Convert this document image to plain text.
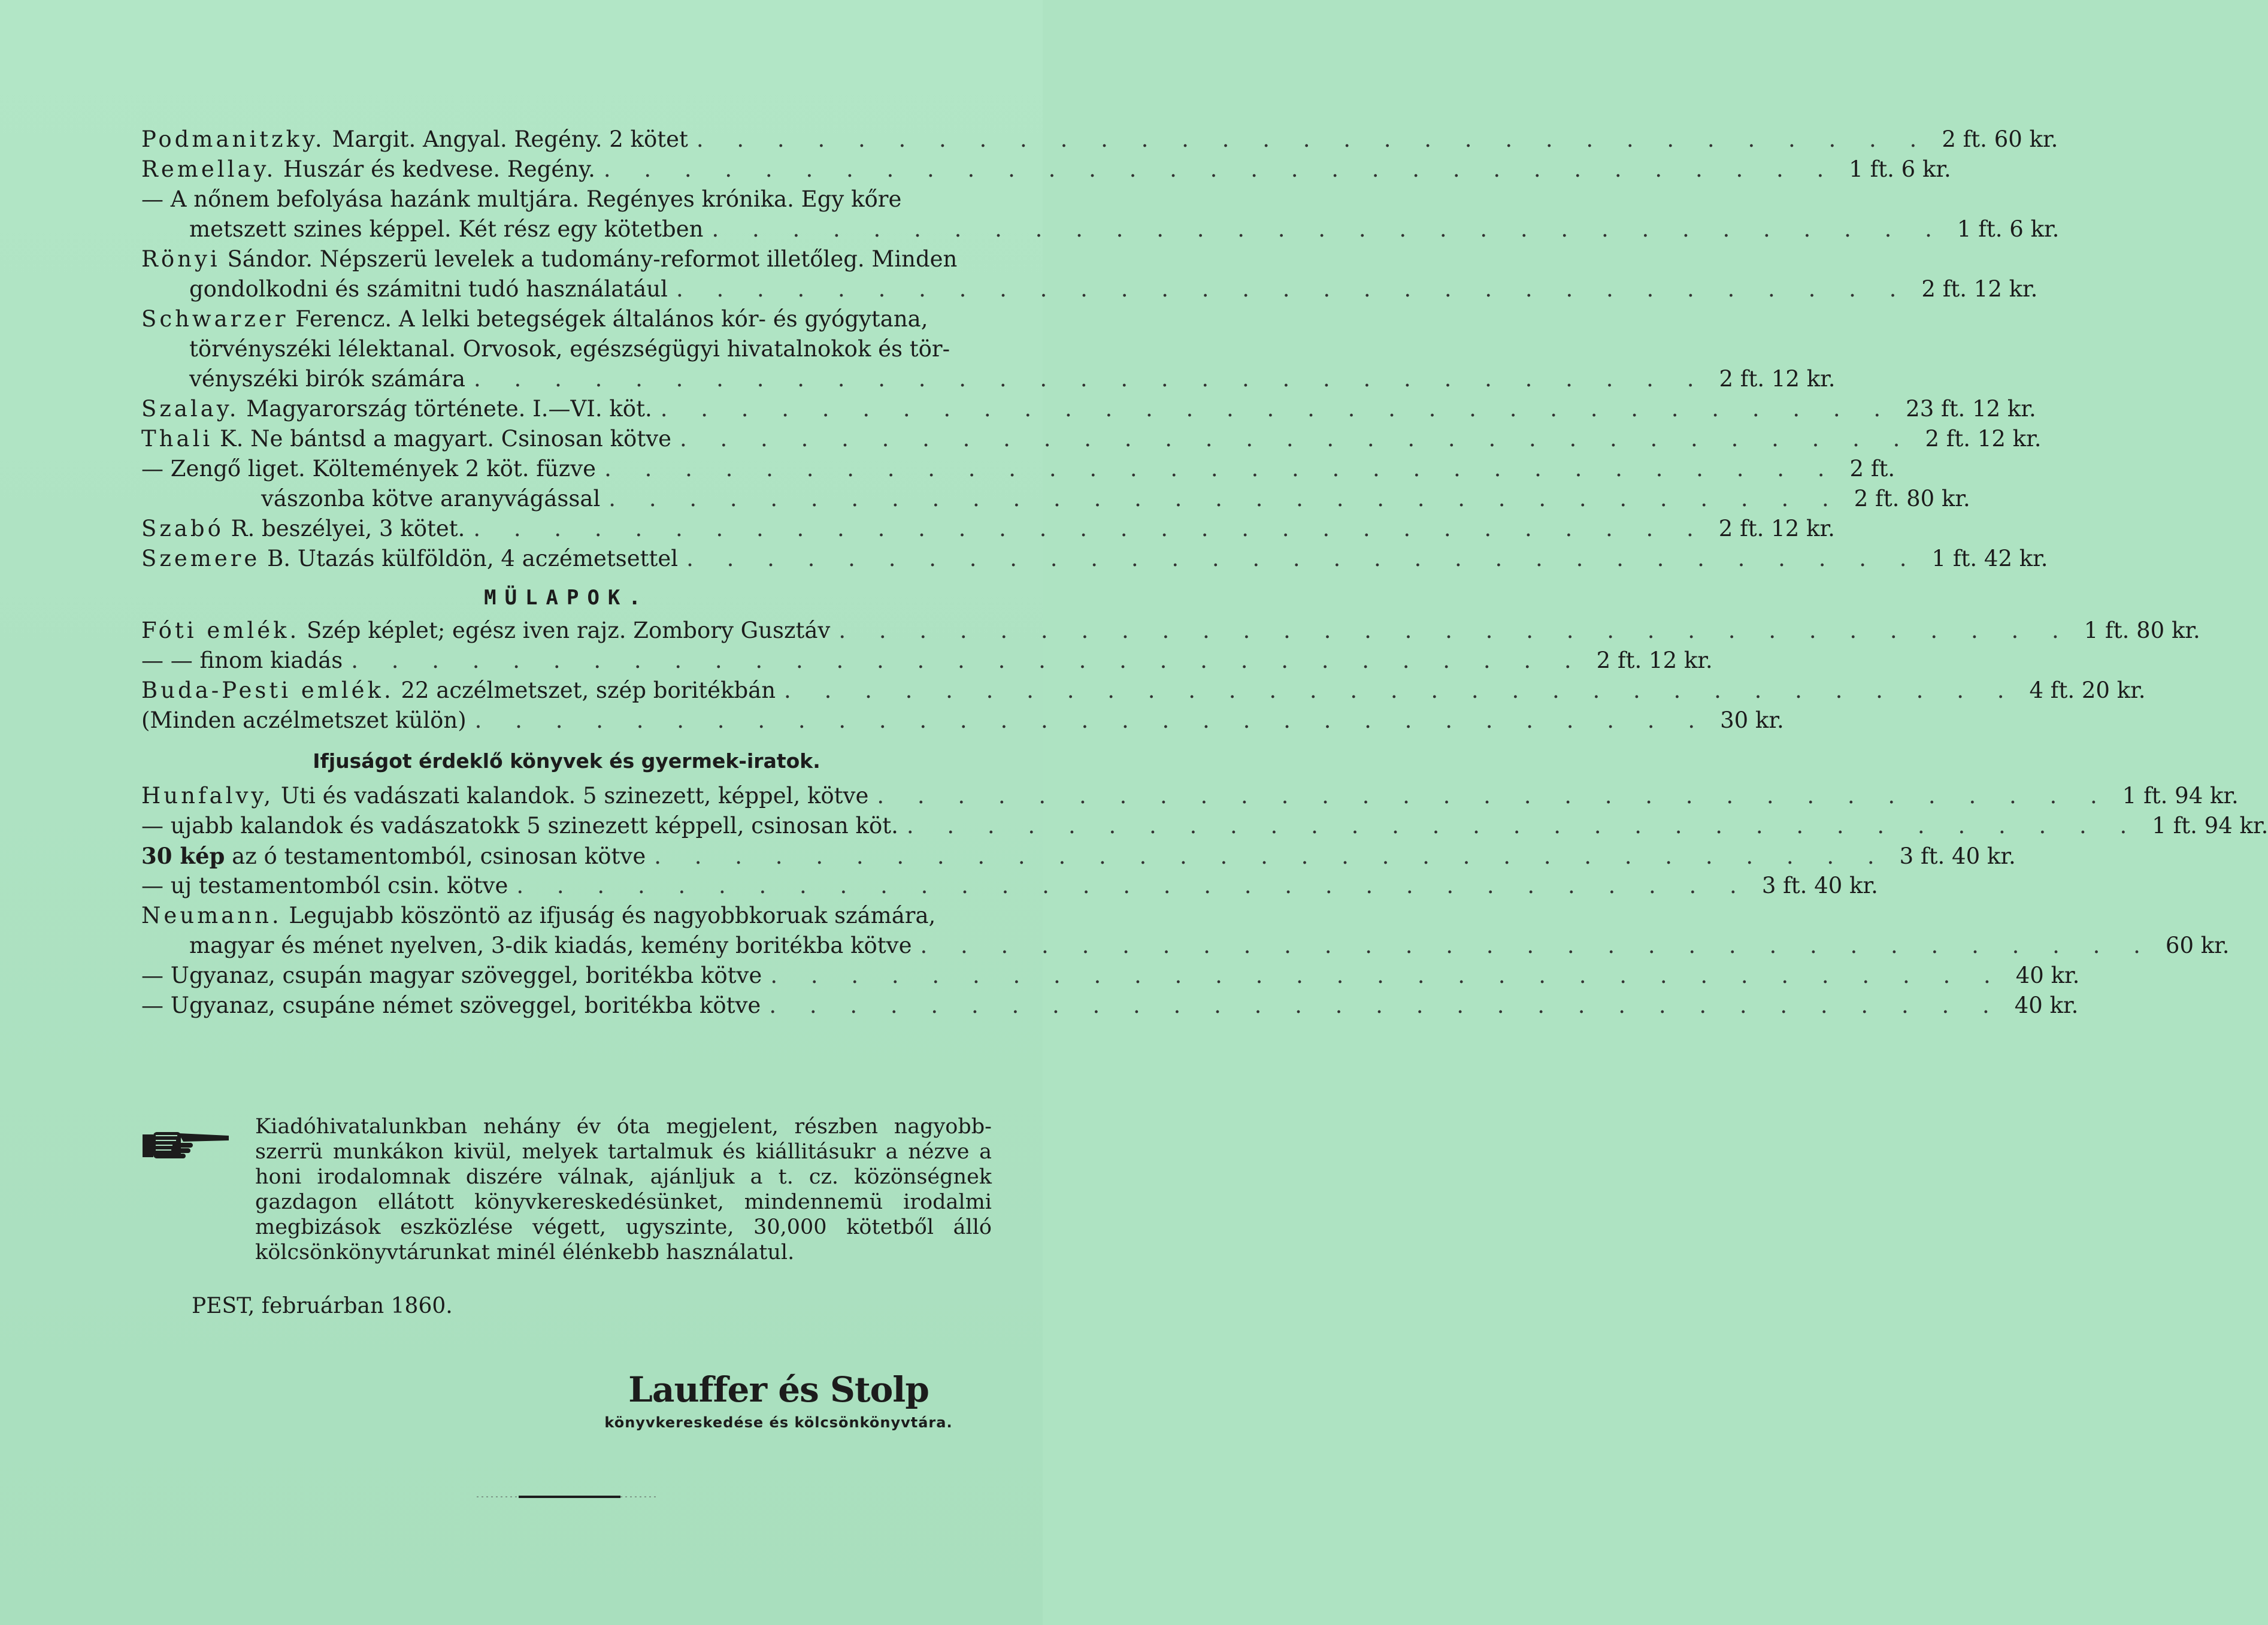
Podmanitzky. Margit. Angyal. Regény. 2 kötet . . . . . . . . . . . . . . . . . . . . . . . . . . . . . . . 2 ft. 60 kr.
Remellay. Huszár és kedvese. Regény. . . . . . . . . . . . . . . . . . . . . . . . . . . . . . . . 1 ft. 6 kr.
— A nőnem befolyása hazánk multjára. Regényes krónika. Egy kőre
metszett szines képpel. Két rész egy kötetben . . . . . . . . . . . . . . . . . . . . . . . . . . . . . . . 1 ft. 6 kr.
Rönyi Sándor. Népszerü levelek a tudomány-reformot illetőleg. Minden
gondolkodni és számitni tudó használatául . . . . . . . . . . . . . . . . . . . . . . . . . . . . . . . 2 ft. 12 kr.
Schwarzer Ferencz. A lelki betegségek általános kór- és gyógytana,
törvényszéki lélektanal. Orvosok, egészségügyi hivatalnokok és tör-
vényszéki birók számára . . . . . . . . . . . . . . . . . . . . . . . . . . . . . . . 2 ft. 12 kr.
Szalay. Magyarország története. I.—VI. köt. . . . . . . . . . . . . . . . . . . . . . . . . . . . . . . . 23 ft. 12 kr.
Thali K. Ne bántsd a magyart. Csinosan kötve . . . . . . . . . . . . . . . . . . . . . . . . . . . . . . . 2 ft. 12 kr.
— Zengő liget. Költemények 2 köt. füzve . . . . . . . . . . . . . . . . . . . . . . . . . . . . . . . 2 ft.
vászonba kötve aranyvágással . . . . . . . . . . . . . . . . . . . . . . . . . . . . . . . 2 ft. 80 kr.
Szabó R. beszélyei, 3 kötet. . . . . . . . . . . . . . . . . . . . . . . . . . . . . . . . 2 ft. 12 kr.
Szemere B. Utazás külföldön, 4 aczémetsettel . . . . . . . . . . . . . . . . . . . . . . . . . . . . . . . 1 ft. 42 kr.
MÜLAPOK.
Fóti emlék. Szép képlet; egész iven rajz. Zombory Gusztáv . . . . . . . . . . . . . . . . . . . . . . . . . . . . . . . 1 ft. 80 kr.
— — finom kiadás . . . . . . . . . . . . . . . . . . . . . . . . . . . . . . . 2 ft. 12 kr.
Buda-Pesti emlék. 22 aczélmetszet, szép boritékbán . . . . . . . . . . . . . . . . . . . . . . . . . . . . . . . 4 ft. 20 kr.
(Minden aczélmetszet külön) . . . . . . . . . . . . . . . . . . . . . . . . . . . . . . . 30 kr.
Ifjuságot érdeklő könyvek és gyermek-iratok.
Hunfalvy, Uti és vadászati kalandok. 5 szinezett, képpel, kötve . . . . . . . . . . . . . . . . . . . . . . . . . . . . . . . 1 ft. 94 kr.
— ujabb kalandok és vadászatokk 5 szinezett képpell, csinosan köt. . . . . . . . . . . . . . . . . . . . . . . . . . . . . . . . 1 ft. 94 kr.
30 kép az ó testamentomból, csinosan kötve . . . . . . . . . . . . . . . . . . . . . . . . . . . . . . . 3 ft. 40 kr.
— uj testamentomból csin. kötve . . . . . . . . . . . . . . . . . . . . . . . . . . . . . . . 3 ft. 40 kr.
Neumann. Legujabb köszöntö az ifjuság és nagyobbkoruak számára,
magyar és ménet nyelven, 3-dik kiadás, kemény boritékba kötve . . . . . . . . . . . . . . . . . . . . . . . . . . . . . . . 60 kr.
— Ugyanaz, csupán magyar szöveggel, boritékba kötve . . . . . . . . . . . . . . . . . . . . . . . . . . . . . . . 40 kr.
— Ugyanaz, csupáne német szöveggel, boritékba kötve . . . . . . . . . . . . . . . . . . . . . . . . . . . . . . . 40 kr.
Kiadóhivatalunkban nehány év óta megjelent, részben nagyobb-szerrü munkákon kivül, melyek tartalmuk és kiállitásukr a nézve a honi irodalomnak diszére válnak, ajánljuk a t. cz. közönségnek gazdagon ellátott könyvkereskedésünket, mindennemü irodalmi megbizások eszközlése végett, ugyszinte, 30,000 kötetből álló kölcsönkönyvtárunkat minél élénkebb használatul.
PEST, februárban 1860.
Lauffer és Stolp
könyvkereskedése és kölcsönkönyvtára.
